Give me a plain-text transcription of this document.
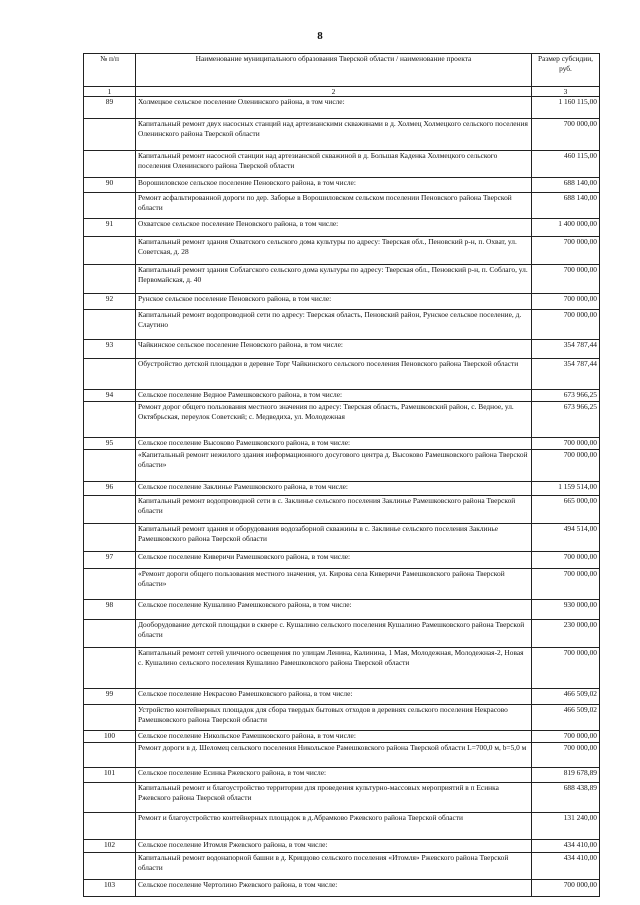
8
№ п/п	Наименование муниципального образования Тверской области / наименование проекта	Размер субсидии, руб.
1	2	3
89	Холмецкое сельское поселение Оленинского района, в том числе:	1 160 115,00
	Капитальный ремонт двух насосных станций над артезианскими скважинами в д. Холмец Холмецкого сельского поселения Оленинского района Тверской области	700 000,00
	Капитальный ремонт насосной станции над артезианской скважиной в д. Большая Каденка Холмецкого сельского поселения Оленинского района Тверской области	460 115,00
90	Ворошиловское сельское поселение Пеновского района, в том числе:	688 140,00
	Ремонт асфальтированной дороги по дер. Заборье в Ворошиловском сельском поселении Пеновского района Тверской области	688 140,00
91	Охватское сельское поселение Пеновского района, в том числе:	1 400 000,00
	Капитальный ремонт здания Охватского сельского дома культуры по адресу: Тверская обл., Пеновский р-н, п. Охват, ул. Советская, д. 28	700 000,00
	Капитальный ремонт здания Соблагского сельского дома культуры по адресу: Тверская обл., Пеновский р-н, п. Соблаго, ул. Первомайская, д. 40	700 000,00
92	Рунское сельское поселение Пеновского района, в том числе:	700 000,00
	Капитальный ремонт водопроводной сети по адресу: Тверская область, Пеновский район, Рунское сельское поселение, д. Слаутино	700 000,00
93	Чайкинское сельское поселение Пеновского района, в том числе:	354 787,44
	Обустройство детской площадки в деревне Торг Чайкинского сельского поселения Пеновского района Тверской области	354 787,44
94	Сельское поселение Ведное Рамешковского района, в том числе:	673 966,25
	Ремонт дорог общего пользования местного значения по адресу: Тверская область, Рамешковский район, с. Ведное, ул. Октябрьская, переулок Советский; с. Медведиха, ул. Молодежная	673 966,25
95	Сельское поселение Высоково Рамешковского района, в том числе:	700 000,00
	«Капитальный ремонт нежилого здания информационного досугового центра д. Высоково Рамешковского района Тверской области»	700 000,00
96	Сельское поселение Заклинье Рамешковского района, в том числе:	1 159 514,00
	Капитальный ремонт водопроводной сети в с. Заклинье сельского поселения Заклинье Рамешковского района Тверской области	665 000,00
	Капитальный ремонт здания и оборудования водозаборной скважины в с. Заклинье сельского поселения Заклинье Рамешковского района Тверской области	494 514,00
97	Сельское поселение Киверичи Рамешковского района, в том числе:	700 000,00
	«Ремонт дороги общего пользования местного значения, ул. Кирова села Киверичи Рамешковского района Тверской области»	700 000,00
98	Сельское поселение Кушалино Рамешковского района, в том числе:	930 000,00
	Дооборудование детской площадки в сквере с. Кушалино сельского поселения Кушалино Рамешковского района Тверской области	230 000,00
	Капитальный ремонт сетей уличного освещения по улицам Ленина, Калинина, 1 Мая, Молодежная, Молодежная-2, Новая с. Кушалино сельского поселения Кушалино Рамешковского района Тверской области	700 000,00
99	Сельское поселение Некрасово Рамешковского района, в том числе:	466 509,02
	Устройство контейнерных площадок для сбора твердых бытовых отходов в деревнях сельского поселения Некрасово Рамешковского района Тверской области	466 509,02
100	Сельское поселение Никольское Рамешковского района, в том числе:	700 000,00
	Ремонт дороги в д. Шеломец сельского поселения Никольское Рамешковского района Тверской области L=700,0 м, b=5,0 м	700 000,00
101	Сельское поселение Есинка Ржевского района, в том числе:	819 678,89
	Капитальный ремонт и благоустройство территории для проведения культурно-массовых мероприятий в п Есинка Ржевского района Тверской области	688 438,89
	Ремонт и благоустройство контейнерных площадок в д.Абрамково Ржевского района Тверской области	131 240,00
102	Сельское поселение Итомля Ржевского района, в том числе:	434 410,00
	Капитальный ремонт водонапорной башни в д. Криццово сельского поселения «Итомля» Ржевского района Тверской области	434 410,00
103	Сельское поселение Чертолино Ржевского района, в том числе:	700 000,00
